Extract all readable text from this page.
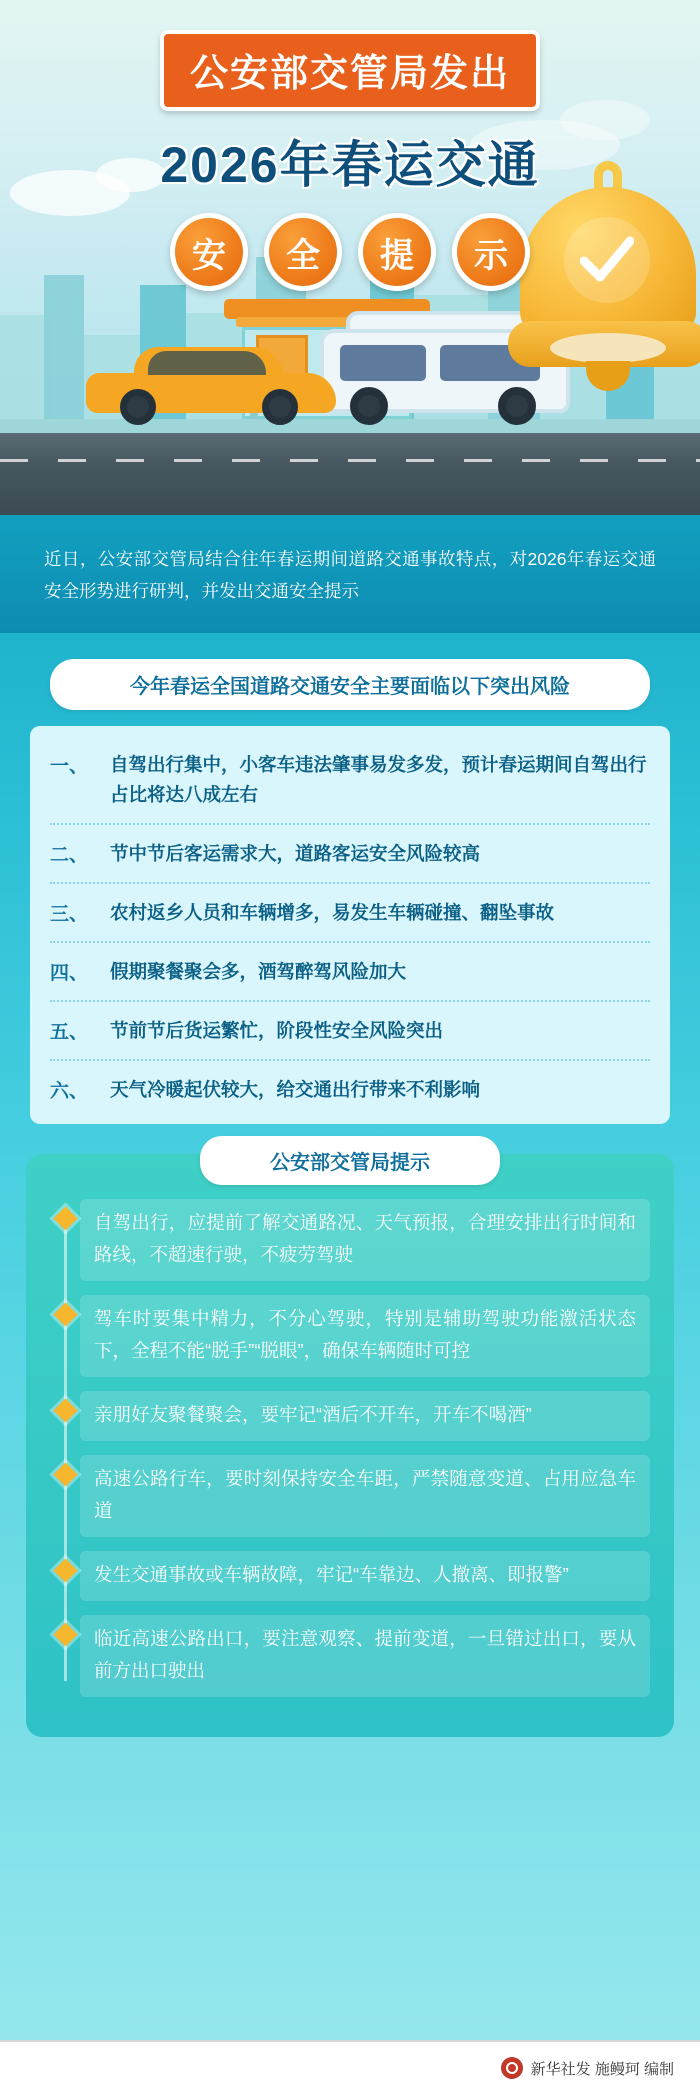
公安部交管局发出
2026年春运交通
安	全	提	示
近日，公安部交管局结合往年春运期间道路交通事故特点，对2026年春运交通安全形势进行研判，并发出交通安全提示
今年春运全国道路交通安全主要面临以下突出风险
一、	自驾出行集中，小客车违法肇事易发多发，预计春运期间自驾出行占比将达八成左右
二、	节中节后客运需求大，道路客运安全风险较高
三、	农村返乡人员和车辆增多，易发生车辆碰撞、翻坠事故
四、	假期聚餐聚会多，酒驾醉驾风险加大
五、	节前节后货运繁忙，阶段性安全风险突出
六、	天气冷暖起伏较大，给交通出行带来不利影响
公安部交管局提示
自驾出行，应提前了解交通路况、天气预报，合理安排出行时间和路线，不超速行驶，不疲劳驾驶
驾车时要集中精力，不分心驾驶，特别是辅助驾驶功能激活状态下，全程不能“脱手”“脱眼”，确保车辆随时可控
亲朋好友聚餐聚会，要牢记“酒后不开车，开车不喝酒”
高速公路行车，要时刻保持安全车距，严禁随意变道、占用应急车道
发生交通事故或车辆故障，牢记“车靠边、人撤离、即报警”
临近高速公路出口，要注意观察、提前变道，一旦错过出口，要从前方出口驶出
新华社发 施鳗珂 编制
